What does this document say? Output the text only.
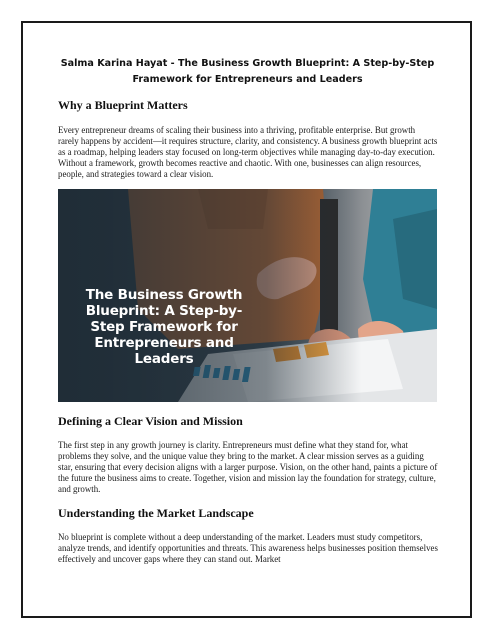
Salma Karina Hayat - The Business Growth Blueprint: A Step-by-Step Framework for Entrepreneurs and Leaders
Why a Blueprint Matters

Every entrepreneur dreams of scaling their business into a thriving, profitable enterprise. But growth rarely happens by accident—it requires structure, clarity, and consistency. A business growth blueprint acts as a roadmap, helping leaders stay focused on long-term objectives while managing day-to-day execution. Without a framework, growth becomes reactive and chaotic. With one, businesses can align resources, people, and strategies toward a clear vision.

The Business Growth Blueprint: A Step-by-Step Framework for Entrepreneurs and Leaders
Defining a Clear Vision and Mission

The first step in any growth journey is clarity. Entrepreneurs must define what they stand for, what problems they solve, and the unique value they bring to the market. A clear mission serves as a guiding star, ensuring that every decision aligns with a larger purpose. Vision, on the other hand, paints a picture of the future the business aims to create. Together, vision and mission lay the foundation for strategy, culture, and growth.

Understanding the Market Landscape

No blueprint is complete without a deep understanding of the market. Leaders must study competitors, analyze trends, and identify opportunities and threats. This awareness helps businesses position themselves effectively and uncover gaps where they can stand out. Market
